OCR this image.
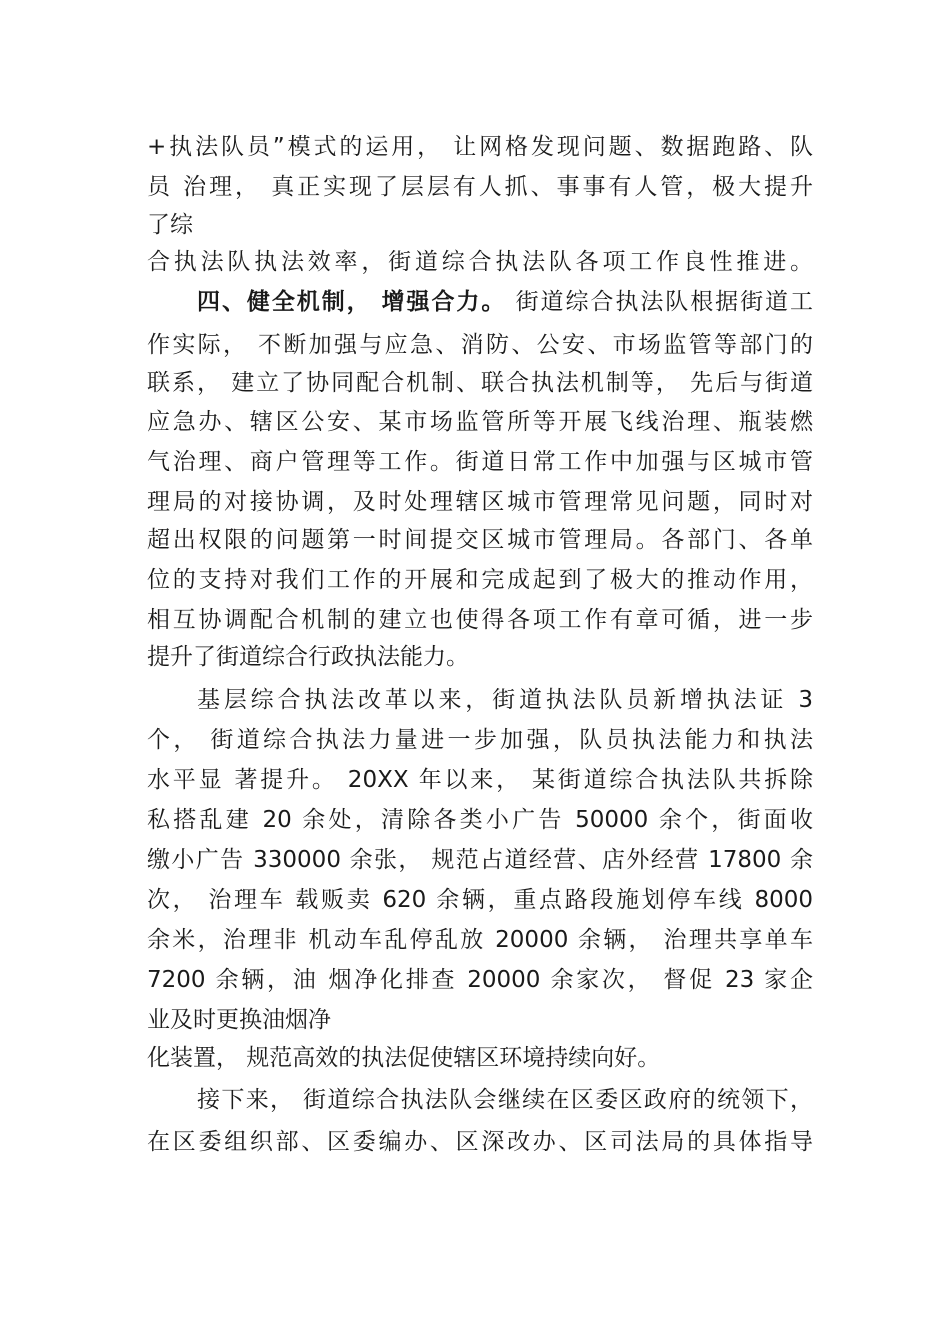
+执法队员”模式的运用， 让网格发现问题、数据跑路、队
员 治理， 真正实现了层层有人抓、事事有人管，极大提升
了综
合执法队执法效率，街道综合执法队各项工作良性推进。
四、健全机制， 增强合力。 街道综合执法队根据街道工
作实际， 不断加强与应急、消防、公安、市场监管等部门的
联系， 建立了协同配合机制、联合执法机制等， 先后与街道
应急办、辖区公安、某市场监管所等开展飞线治理、瓶装燃
气治理、商户管理等工作。街道日常工作中加强与区城市管
理局的对接协调，及时处理辖区城市管理常见问题，同时对
超出权限的问题第一时间提交区城市管理局。各部门、各单
位的支持对我们工作的开展和完成起到了极大的推动作用，
相互协调配合机制的建立也使得各项工作有章可循，进一步
提升了街道综合行政执法能力。
基层综合执法改革以来，街道执法队员新增执法证 3
个， 街道综合执法力量进一步加强，队员执法能力和执法
水平显 著提升。 20XX 年以来， 某街道综合执法队共拆除
私搭乱建 20 余处，清除各类小广告 50000 余个，街面收
缴小广告 330000 余张， 规范占道经营、店外经营 17800 余
次， 治理车 载贩卖 620 余辆，重点路段施划停车线 8000
余米，治理非 机动车乱停乱放 20000 余辆， 治理共享单车
7200 余辆，油 烟净化排查 20000 余家次， 督促 23 家企
业及时更换油烟净
化装置， 规范高效的执法促使辖区环境持续向好。
接下来， 街道综合执法队会继续在区委区政府的统领下，
在区委组织部、区委编办、区深改办、区司法局的具体指导
